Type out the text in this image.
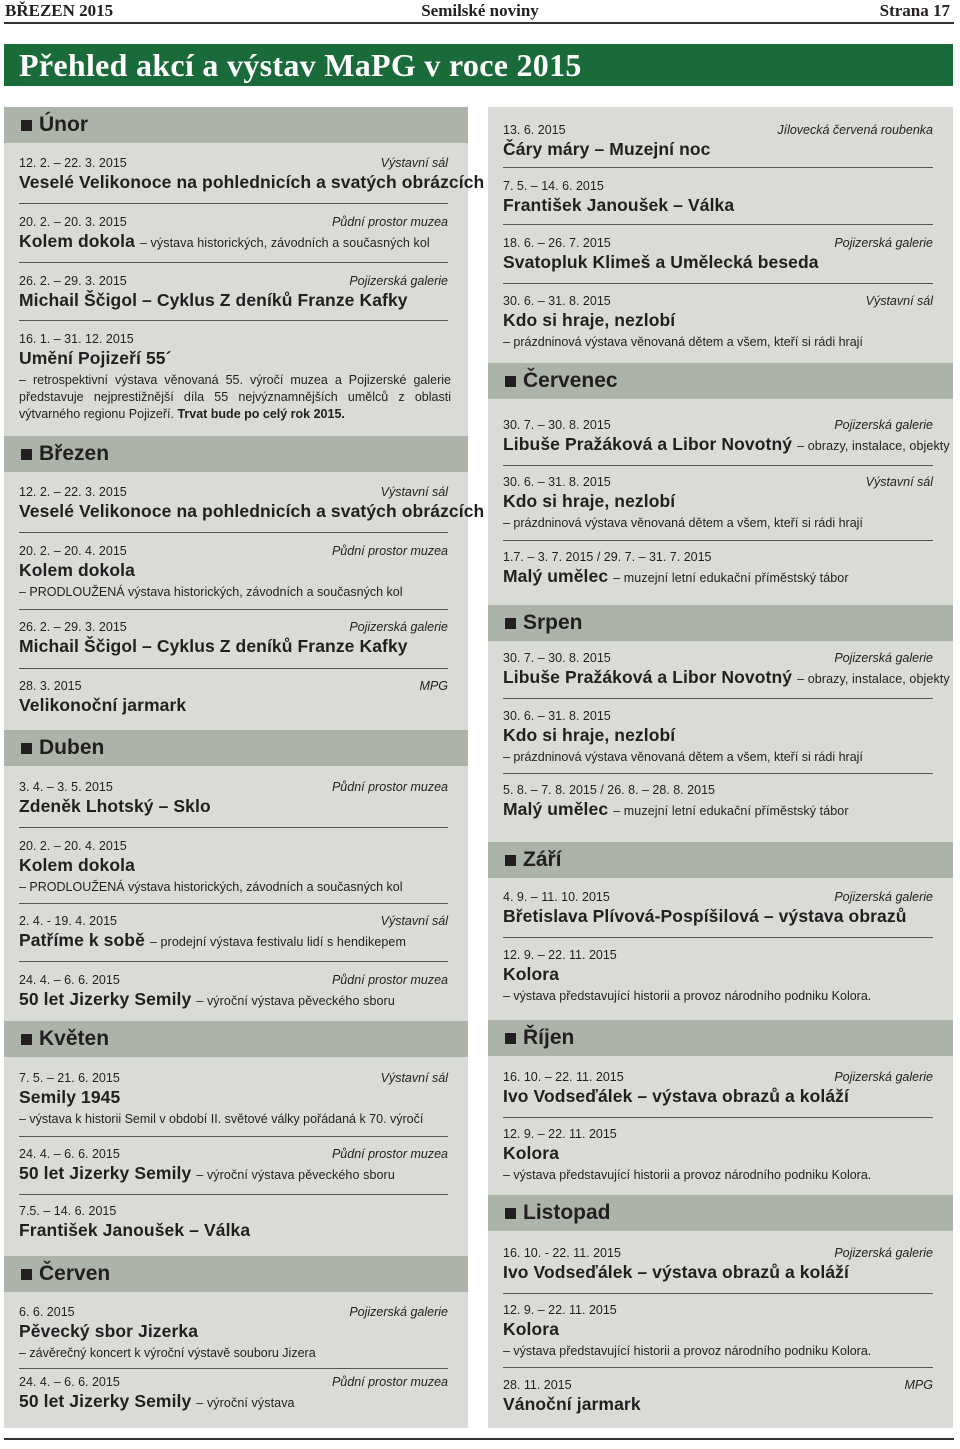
BŘEZEN 2015	Semilské noviny	Strana 17
Přehled akcí a výstav MaPG v roce 2015
Únor
12. 2. – 22. 3. 2015	Výstavní sál
Veselé Velikonoce na pohlednicích a svatých obrázcích
20. 2. – 20. 3. 2015	Půdní prostor muzea
Kolem dokola – výstava historických, závodních a současných kol
26. 2. – 29. 3. 2015	Pojizerská galerie
Michail Ščigol – Cyklus Z deníků Franze Kafky
16. 1. – 31. 12. 2015
Umění Pojizeří 55´
– retrospektivní výstava věnovaná 55. výročí muzea a Pojizerské galerie představuje nejprestižnější díla 55 nejvýznamnějších umělců z oblasti výtvarného regionu Pojizeří. Trvat bude po celý rok 2015.
Březen
12. 2. – 22. 3. 2015	Výstavní sál
Veselé Velikonoce na pohlednicích a svatých obrázcích
20. 2. – 20. 4. 2015	Půdní prostor muzea
Kolem dokola
– PRODLOUŽENÁ výstava historických, závodních a současných kol
26. 2. – 29. 3. 2015	Pojizerská galerie
Michail Ščigol – Cyklus Z deníků Franze Kafky
28. 3. 2015	MPG
Velikonoční jarmark
Duben
3. 4. – 3. 5. 2015	Půdní prostor muzea
Zdeněk Lhotský – Sklo
20. 2. – 20. 4. 2015
Kolem dokola
– PRODLOUŽENÁ výstava historických, závodních a současných kol
2. 4. - 19. 4. 2015	Výstavní sál
Patříme k sobě – prodejní výstava festivalu lidí s hendikepem
24. 4. – 6. 6. 2015	Půdní prostor muzea
50 let Jizerky Semily – výroční výstava pěveckého sboru
Květen
7. 5. – 21. 6. 2015	Výstavní sál
Semily 1945
– výstava k historii Semil v období II. světové války pořádaná k 70. výročí
24. 4. – 6. 6. 2015	Půdní prostor muzea
50 let Jizerky Semily – výroční výstava pěveckého sboru
7.5. – 14. 6. 2015
František Janoušek – Válka
Červen
6. 6. 2015	Pojizerská galerie
Pěvecký sbor Jizerka
– závěrečný koncert k výroční výstavě souboru Jizera
24. 4. – 6. 6. 2015	Půdní prostor muzea
50 let Jizerky Semily – výroční výstava
13. 6. 2015	Jílovecká červená roubenka
Čáry máry – Muzejní noc
7. 5. – 14. 6. 2015
František Janoušek – Válka
18. 6. – 26. 7. 2015	Pojizerská galerie
Svatopluk Klimeš a Umělecká beseda
30. 6. – 31. 8. 2015	Výstavní sál
Kdo si hraje, nezlobí
– prázdninová výstava věnovaná dětem a všem, kteří si rádi hrají
Červenec
30. 7. – 30. 8. 2015	Pojizerská galerie
Libuše Pražáková a Libor Novotný – obrazy, instalace, objekty
30. 6. – 31. 8. 2015	Výstavní sál
Kdo si hraje, nezlobí
– prázdninová výstava věnovaná dětem a všem, kteří si rádi hrají
1.7. – 3. 7. 2015 / 29. 7. – 31. 7. 2015
Malý umělec – muzejní letní edukační příměstský tábor
Srpen
30. 7. – 30. 8. 2015	Pojizerská galerie
Libuše Pražáková a Libor Novotný – obrazy, instalace, objekty
30. 6. – 31. 8. 2015
Kdo si hraje, nezlobí
– prázdninová výstava věnovaná dětem a všem, kteří si rádi hrají
5. 8. – 7. 8. 2015 / 26. 8. – 28. 8. 2015
Malý umělec – muzejní letní edukační příměstský tábor
Září
4. 9. – 11. 10. 2015	Pojizerská galerie
Břetislava Plívová-Pospíšilová – výstava obrazů
12. 9. – 22. 11. 2015
Kolora
– výstava představující historii a provoz národního podniku Kolora.
Říjen
16. 10. – 22. 11. 2015	Pojizerská galerie
Ivo Vodseďálek – výstava obrazů a koláží
12. 9. – 22. 11. 2015
Kolora
– výstava představující historii a provoz národního podniku Kolora.
Listopad
16. 10. - 22. 11. 2015	Pojizerská galerie
Ivo Vodseďálek – výstava obrazů a koláží
12. 9. – 22. 11. 2015
Kolora
– výstava představující historii a provoz národního podniku Kolora.
28. 11. 2015	MPG
Vánoční jarmark
